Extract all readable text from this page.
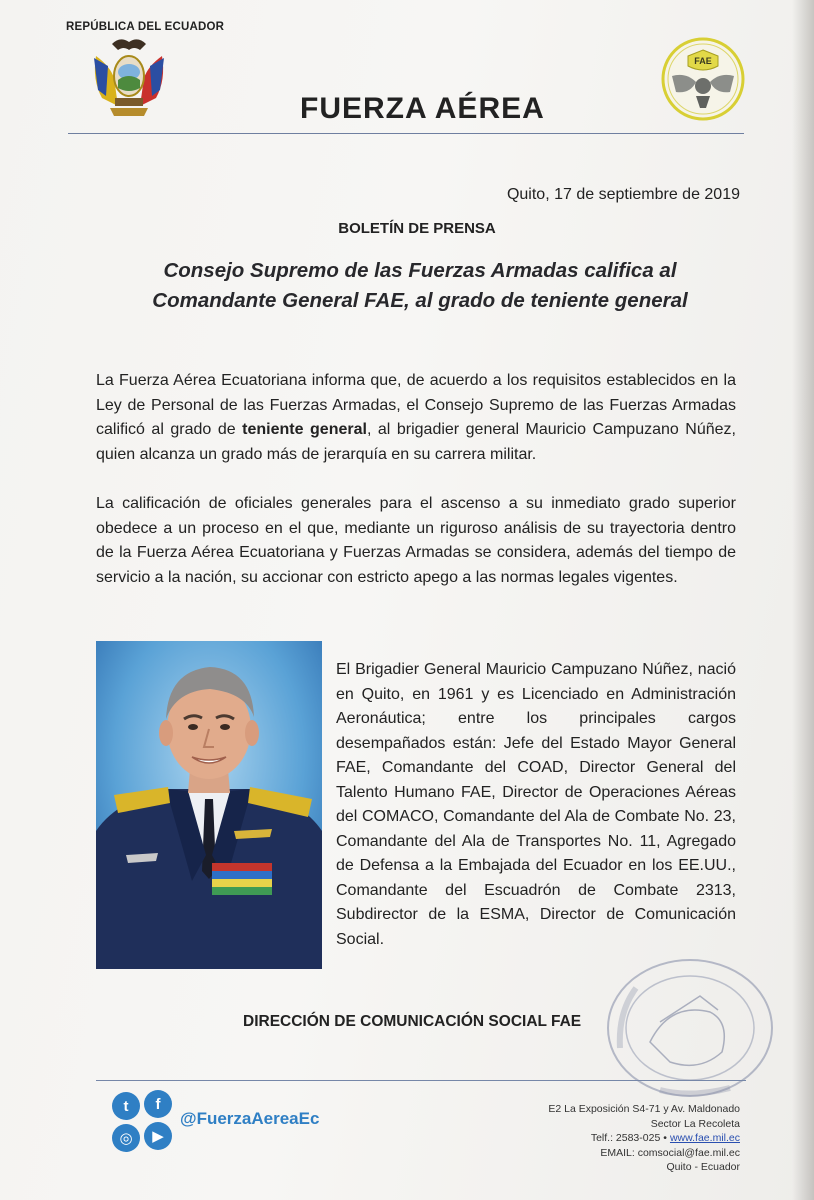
REPÚBLICA DEL ECUADOR
FAE
FUERZA AÉREA
Quito, 17 de septiembre de 2019
BOLETÍN DE PRENSA
Consejo Supremo de las Fuerzas Armadas califica al
Comandante General FAE, al grado de teniente general

La Fuerza Aérea Ecuatoriana informa que, de acuerdo a los requisitos establecidos en la Ley de Personal de las Fuerzas Armadas, el Consejo Supremo de las Fuerzas Armadas calificó al grado de teniente general, al brigadier general Mauricio Campuzano Núñez, quien alcanza un grado más de jerarquía en su carrera militar.

La calificación de oficiales generales para el ascenso a su inmediato grado superior obedece a un proceso en el que, mediante un riguroso análisis de su trayectoria dentro de la Fuerza Aérea Ecuatoriana y Fuerzas Armadas se considera, además del tiempo de servicio a la nación, su accionar con estricto apego a las normas legales vigentes.

El Brigadier General Mauricio Campuzano Núñez, nació en Quito, en 1961 y es Licenciado en Administración Aeronáutica; entre los principales cargos desempañados están: Jefe del Estado Mayor General FAE, Comandante del COAD, Director General del Talento Humano FAE, Director de Operaciones Aéreas del COMACO, Comandante del Ala de Combate No. 23, Comandante del Ala de Transportes No. 11, Agregado de Defensa a la Embajada del Ecuador en los EE.UU., Comandante del Escuadrón de Combate 2313, Subdirector de la ESMA, Director de Comunicación Social.

DIRECCIÓN DE COMUNICACIÓN SOCIAL FAE
t	f
◎	▶
@FuerzaAereaEc	E2 La Exposición S4-71 y Av. Maldonado
Sector La Recoleta
Telf.: 2583-025 • www.fae.mil.ec
EMAIL: comsocial@fae.mil.ec
Quito - Ecuador
